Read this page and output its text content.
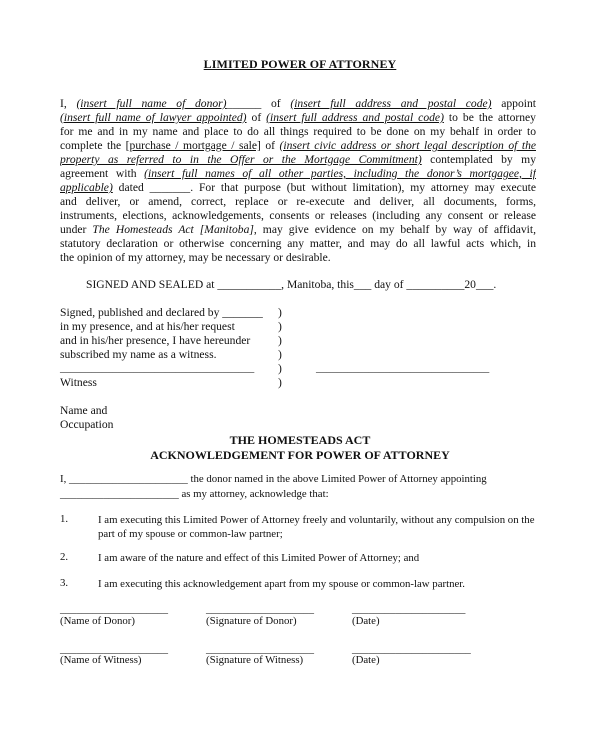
LIMITED POWER OF ATTORNEY
I, (insert full name of donor)______ of (insert full address and postal code) appoint
(insert full name of lawyer appointed) of (insert full address and postal code) to be the attorney
for me and in my name and place to do all things required to be done on my behalf in order to
complete the [purchase / mortgage / sale] of (insert civic address or short legal description of the
property as referred to in the Offer or the Mortgage Commitment) contemplated by my
agreement with (insert full names of all other parties, including the donor’s mortgagee, if
applicable) dated _______. For that purpose (but without limitation), my attorney may execute
and deliver, or amend, correct, replace or re-execute and deliver, all documents, forms,
instruments, elections, acknowledgements, consents or releases (including any consent or release
under The Homesteads Act [Manitoba], may give evidence on my behalf by way of affidavit,
statutory declaration or otherwise concerning any matter, and may do all lawful acts which, in
the opinion of my attorney, may be necessary or desirable.
SIGNED AND SEALED at ___________, Manitoba, this___ day of __________20___.
Signed, published and declared by _______
in my presence, and at his/her request
and in his/her presence, I have hereunder
subscribed my name as a witness.
_____________________________________
Witness
)
)
)
)
)
)
_________________________________
Name and
Occupation
THE HOMESTEADS ACT
ACKNOWLEDGEMENT FOR POWER OF ATTORNEY
I, ______________________ the donor named in the above Limited Power of Attorney appointing
______________________ as my attorney, acknowledge that:
1.	I am executing this Limited Power of Attorney freely and voluntarily, without any compulsion on the part of my spouse or common-law partner;
2.	I am aware of the nature and effect of this Limited Power of Attorney; and
3.	I am executing this acknowledgement apart from my spouse or common-law partner.
____________________	____________________	_____________________
(Name of Donor)	(Signature of Donor)	(Date)
____________________	____________________	______________________
(Name of Witness)	(Signature of Witness)	(Date)
